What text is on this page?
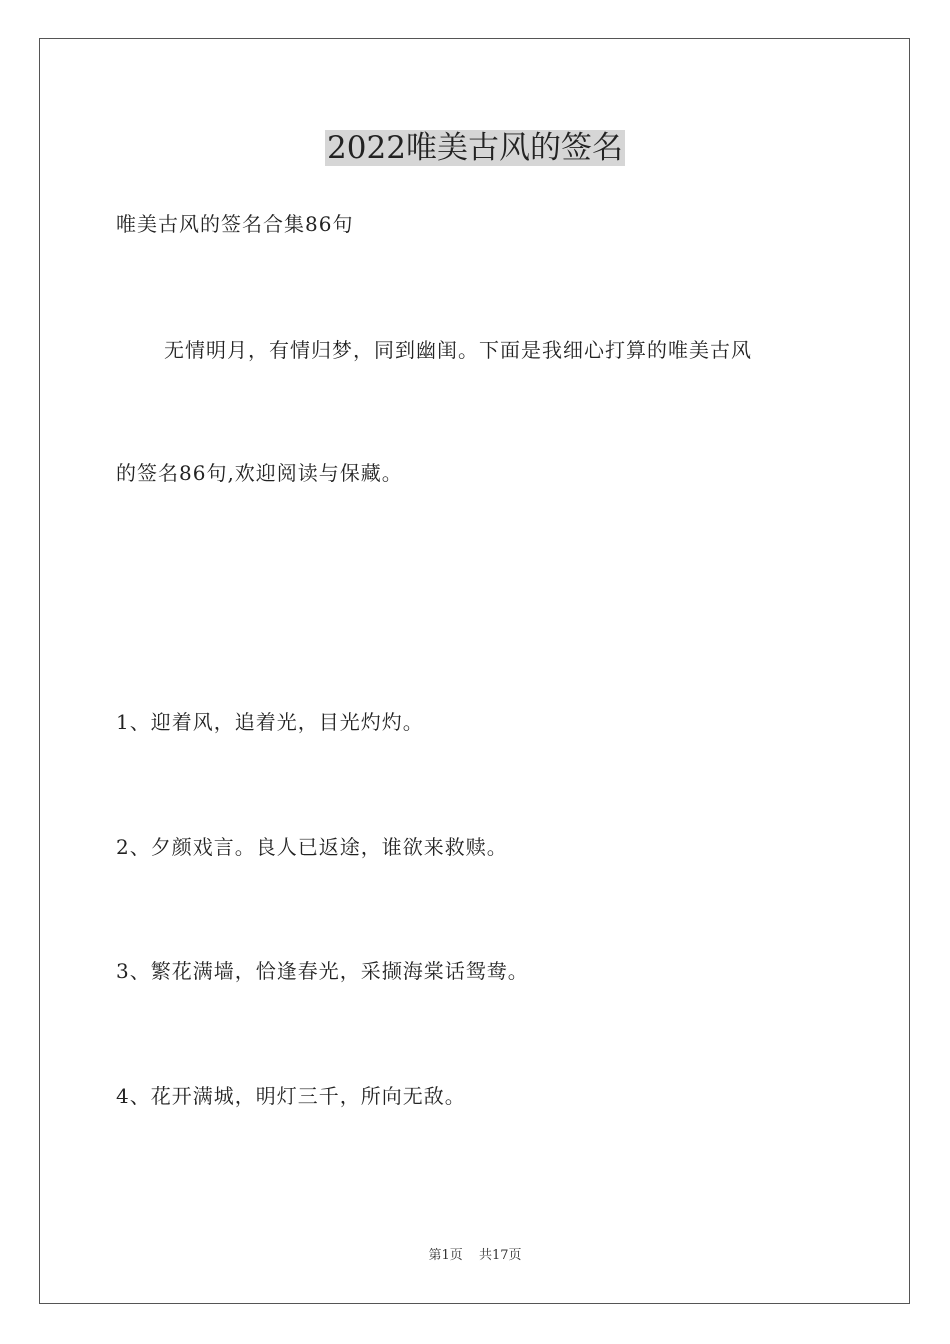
2022唯美古风的签名
唯美古风的签名合集86句
无情明月，有情归梦，同到幽闺。下面是我细心打算的唯美古风
的签名86句,欢迎阅读与保藏。
1、迎着风，追着光，目光灼灼。
2、夕颜戏言。良人已返途，谁欲来救赎。
3、繁花满墙，恰逢春光，采撷海棠话鸳鸯。
4、花开满城，明灯三千，所向无敌。
第1页 共17页
